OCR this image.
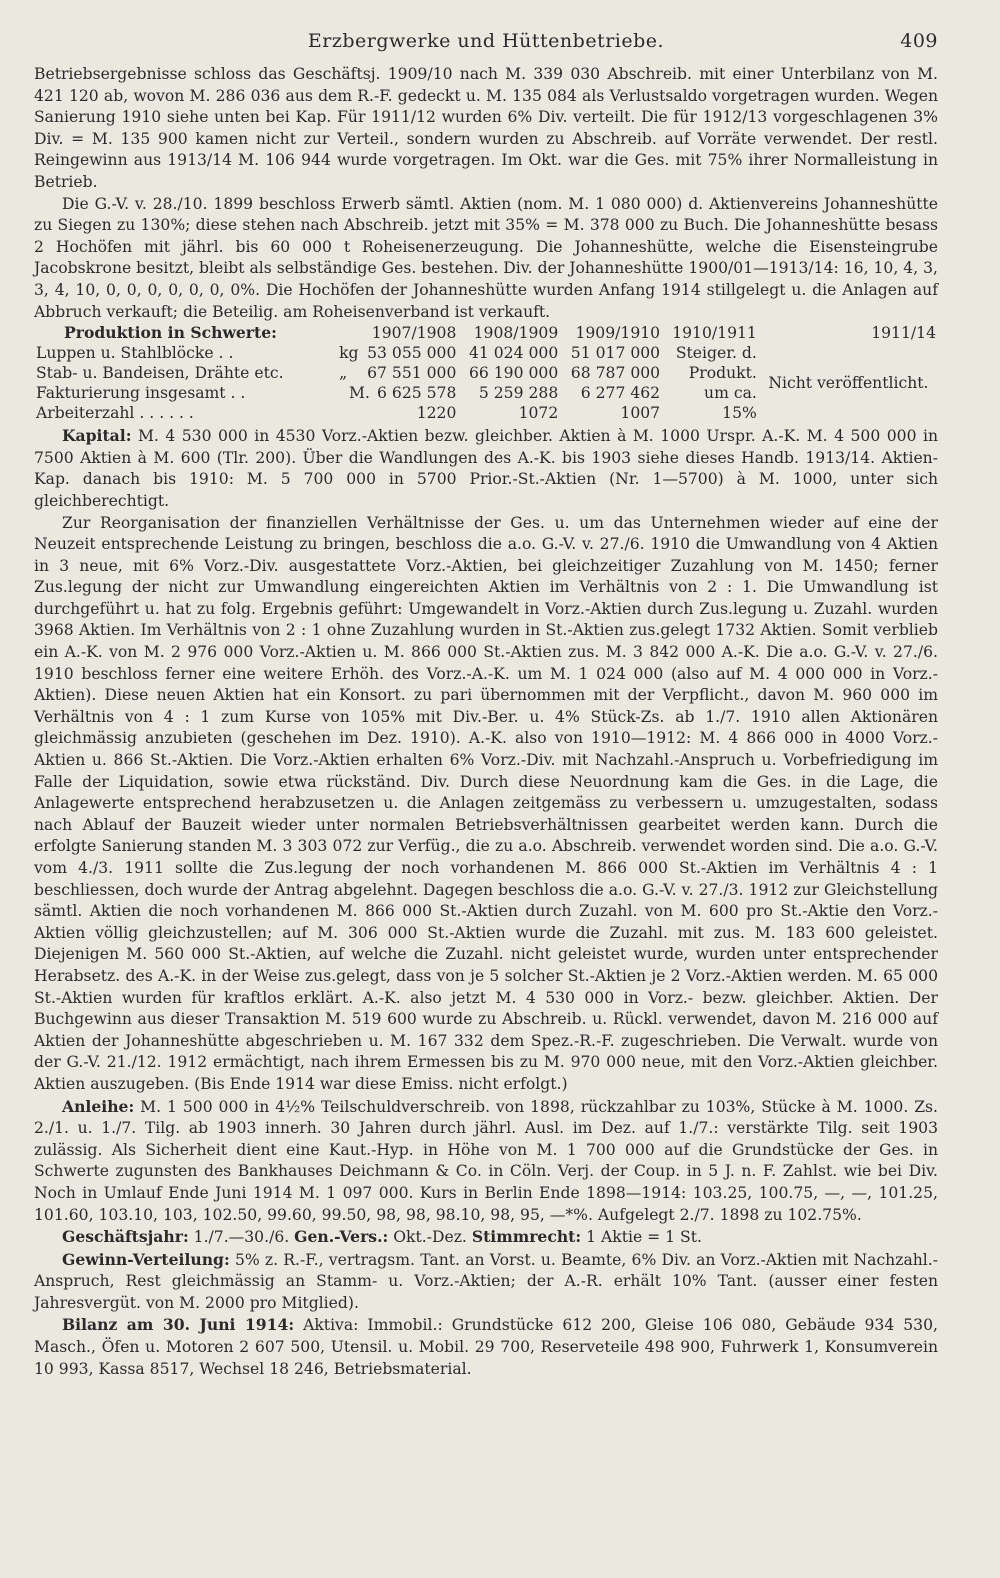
Erzbergwerke und Hüttenbetriebe.	409

Betriebsergebnisse schloss das Geschäftsj. 1909/10 nach M. 339 030 Abschreib. mit einer Unterbilanz von M. 421 120 ab, wovon M. 286 036 aus dem R.-F. gedeckt u. M. 135 084 als Verlustsaldo vorgetragen wurden. Wegen Sanierung 1910 siehe unten bei Kap. Für 1911/12 wurden 6% Div. verteilt. Die für 1912/13 vorgeschlagenen 3% Div. = M. 135 900 kamen nicht zur Verteil., sondern wurden zu Abschreib. auf Vorräte verwendet. Der restl. Reingewinn aus 1913/14 M. 106 944 wurde vorgetragen. Im Okt. war die Ges. mit 75% ihrer Normalleistung in Betrieb.

Die G.-V. v. 28./10. 1899 beschloss Erwerb sämtl. Aktien (nom. M. 1 080 000) d. Aktienvereins Johanneshütte zu Siegen zu 130%; diese stehen nach Abschreib. jetzt mit 35% = M. 378 000 zu Buch. Die Johanneshütte besass 2 Hochöfen mit jährl. bis 60 000 t Roheisenerzeugung. Die Johanneshütte, welche die Eisensteingrube Jacobskrone besitzt, bleibt als selbständige Ges. bestehen. Div. der Johanneshütte 1900/01—1913/14: 16, 10, 4, 3, 3, 4, 10, 0, 0, 0, 0, 0, 0, 0%. Die Hochöfen der Johanneshütte wurden Anfang 1914 stillgelegt u. die Anlagen auf Abbruch verkauft; die Beteilig. am Roheisenverband ist verkauft.

Produktion in Schwerte:	1907/1908	1908/1909	1909/1910	1910/1911	1911/14
Luppen u. Stahlblöcke . .	kg 53 055 000	41 024 000	51 017 000	Steiger. d.	Nicht veröffentlicht.
Stab- u. Bandeisen, Drähte etc.	„ 67 551 000	66 190 000	68 787 000	Produkt.	
Fakturierung insgesamt . .	M. 6 625 578	5 259 288	6 277 462	um ca.	
Arbeiterzahl . . . . . .	1220	1072	1007	15%	

Kapital: M. 4 530 000 in 4530 Vorz.-Aktien bezw. gleichber. Aktien à M. 1000 Urspr. A.-K. M. 4 500 000 in 7500 Aktien à M. 600 (Tlr. 200). Über die Wandlungen des A.-K. bis 1903 siehe dieses Handb. 1913/14. Aktien-Kap. danach bis 1910: M. 5 700 000 in 5700 Prior.-St.-Aktien (Nr. 1—5700) à M. 1000, unter sich gleichberechtigt.

Zur Reorganisation der finanziellen Verhältnisse der Ges. u. um das Unternehmen wieder auf eine der Neuzeit entsprechende Leistung zu bringen, beschloss die a.o. G.-V. v. 27./6. 1910 die Umwandlung von 4 Aktien in 3 neue, mit 6% Vorz.-Div. ausgestattete Vorz.-Aktien, bei gleichzeitiger Zuzahlung von M. 1450; ferner Zus.legung der nicht zur Umwandlung eingereichten Aktien im Verhältnis von 2 : 1. Die Umwandlung ist durchgeführt u. hat zu folg. Ergebnis geführt: Umgewandelt in Vorz.-Aktien durch Zus.legung u. Zuzahl. wurden 3968 Aktien. Im Verhältnis von 2 : 1 ohne Zuzahlung wurden in St.-Aktien zus.gelegt 1732 Aktien. Somit verblieb ein A.-K. von M. 2 976 000 Vorz.-Aktien u. M. 866 000 St.-Aktien zus. M. 3 842 000 A.-K. Die a.o. G.-V. v. 27./6. 1910 beschloss ferner eine weitere Erhöh. des Vorz.-A.-K. um M. 1 024 000 (also auf M. 4 000 000 in Vorz.-Aktien). Diese neuen Aktien hat ein Konsort. zu pari übernommen mit der Verpflicht., davon M. 960 000 im Verhältnis von 4 : 1 zum Kurse von 105% mit Div.-Ber. u. 4% Stück-Zs. ab 1./7. 1910 allen Aktionären gleichmässig anzubieten (geschehen im Dez. 1910). A.-K. also von 1910—1912: M. 4 866 000 in 4000 Vorz.-Aktien u. 866 St.-Aktien. Die Vorz.-Aktien erhalten 6% Vorz.-Div. mit Nachzahl.-Anspruch u. Vorbefriedigung im Falle der Liquidation, sowie etwa rückständ. Div. Durch diese Neuordnung kam die Ges. in die Lage, die Anlagewerte entsprechend herabzusetzen u. die Anlagen zeitgemäss zu verbessern u. umzugestalten, sodass nach Ablauf der Bauzeit wieder unter normalen Betriebsverhältnissen gearbeitet werden kann. Durch die erfolgte Sanierung standen M. 3 303 072 zur Verfüg., die zu a.o. Abschreib. verwendet worden sind. Die a.o. G.-V. vom 4./3. 1911 sollte die Zus.legung der noch vorhandenen M. 866 000 St.-Aktien im Verhältnis 4 : 1 beschliessen, doch wurde der Antrag abgelehnt. Dagegen beschloss die a.o. G.-V. v. 27./3. 1912 zur Gleichstellung sämtl. Aktien die noch vorhandenen M. 866 000 St.-Aktien durch Zuzahl. von M. 600 pro St.-Aktie den Vorz.-Aktien völlig gleichzustellen; auf M. 306 000 St.-Aktien wurde die Zuzahl. mit zus. M. 183 600 geleistet. Diejenigen M. 560 000 St.-Aktien, auf welche die Zuzahl. nicht geleistet wurde, wurden unter entsprechender Herabsetz. des A.-K. in der Weise zus.gelegt, dass von je 5 solcher St.-Aktien je 2 Vorz.-Aktien werden. M. 65 000 St.-Aktien wurden für kraftlos erklärt. A.-K. also jetzt M. 4 530 000 in Vorz.- bezw. gleichber. Aktien. Der Buchgewinn aus dieser Transaktion M. 519 600 wurde zu Abschreib. u. Rückl. verwendet, davon M. 216 000 auf Aktien der Johanneshütte abgeschrieben u. M. 167 332 dem Spez.-R.-F. zugeschrieben. Die Verwalt. wurde von der G.-V. 21./12. 1912 ermächtigt, nach ihrem Ermessen bis zu M. 970 000 neue, mit den Vorz.-Aktien gleichber. Aktien auszugeben. (Bis Ende 1914 war diese Emiss. nicht erfolgt.)

Anleihe: M. 1 500 000 in 4½% Teilschuldverschreib. von 1898, rückzahlbar zu 103%, Stücke à M. 1000. Zs. 2./1. u. 1./7. Tilg. ab 1903 innerh. 30 Jahren durch jährl. Ausl. im Dez. auf 1./7.: verstärkte Tilg. seit 1903 zulässig. Als Sicherheit dient eine Kaut.-Hyp. in Höhe von M. 1 700 000 auf die Grundstücke der Ges. in Schwerte zugunsten des Bankhauses Deichmann & Co. in Cöln. Verj. der Coup. in 5 J. n. F. Zahlst. wie bei Div. Noch in Umlauf Ende Juni 1914 M. 1 097 000. Kurs in Berlin Ende 1898—1914: 103.25, 100.75, —, —, 101.25, 101.60, 103.10, 103, 102.50, 99.60, 99.50, 98, 98, 98.10, 98, 95, —*%. Aufgelegt 2./7. 1898 zu 102.75%.

Geschäftsjahr: 1./7.—30./6. Gen.-Vers.: Okt.-Dez. Stimmrecht: 1 Aktie = 1 St.

Gewinn-Verteilung: 5% z. R.-F., vertragsm. Tant. an Vorst. u. Beamte, 6% Div. an Vorz.-Aktien mit Nachzahl.-Anspruch, Rest gleichmässig an Stamm- u. Vorz.-Aktien; der A.-R. erhält 10% Tant. (ausser einer festen Jahresvergüt. von M. 2000 pro Mitglied).

Bilanz am 30. Juni 1914: Aktiva: Immobil.: Grundstücke 612 200, Gleise 106 080, Gebäude 934 530, Masch., Öfen u. Motoren 2 607 500, Utensil. u. Mobil. 29 700, Reserveteile 498 900, Fuhrwerk 1, Konsumverein 10 993, Kassa 8517, Wechsel 18 246, Betriebsmaterial.
